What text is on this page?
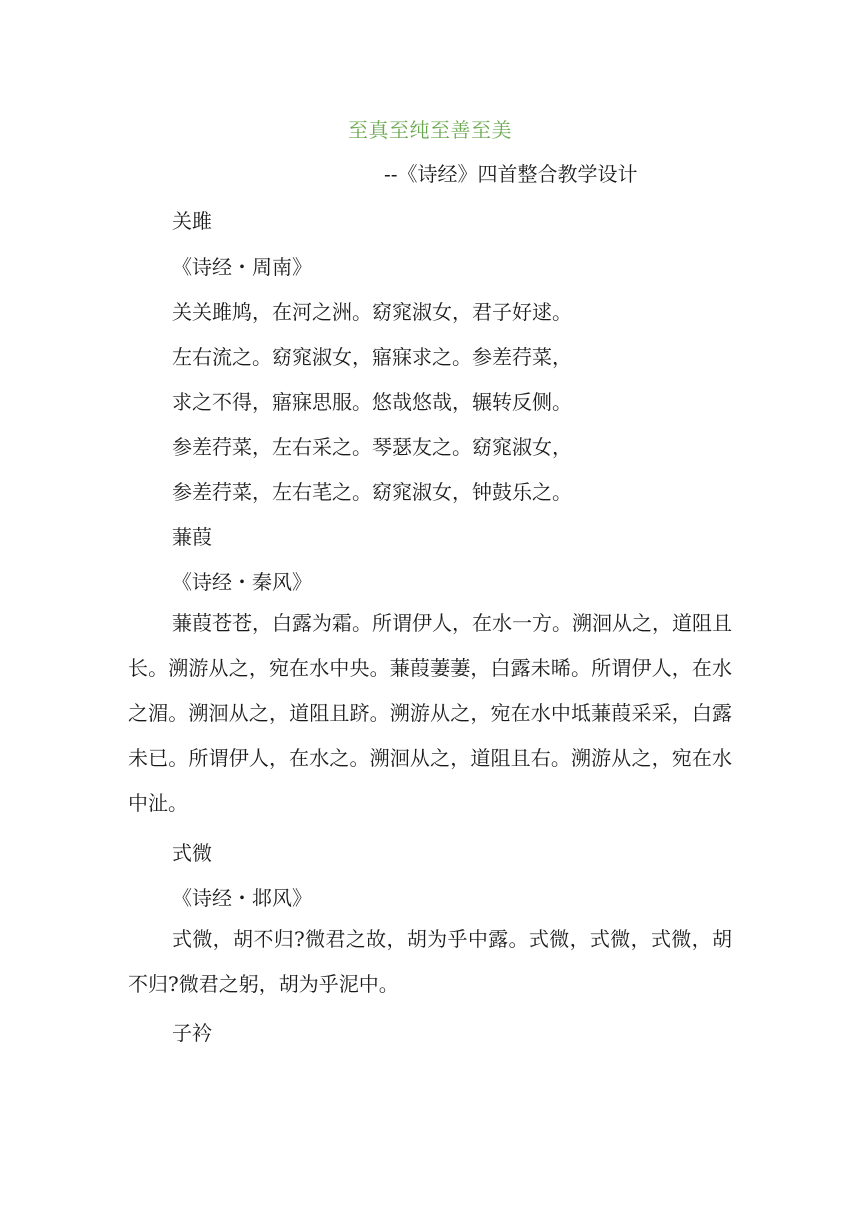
至真至纯至善至美
--《诗经》四首整合教学设计
关雎
《诗经・周南》
关关雎鸠，在河之洲。窈窕淑女，君子好逑。
左右流之。窈窕淑女，寤寐求之。参差荇菜，
求之不得，寤寐思服。悠哉悠哉，辗转反侧。
参差荇菜，左右采之。琴瑟友之。窈窕淑女，
参差荇菜，左右芼之。窈窕淑女，钟鼓乐之。
蒹葭
《诗经・秦风》
蒹葭苍苍，白露为霜。所谓伊人，在水一方。溯洄从之，道阻且长。溯游从之，宛在水中央。蒹葭萋萋，白露未晞。所谓伊人，在水之湄。溯洄从之，道阻且跻。溯游从之，宛在水中坻蒹葭采采，白露未已。所谓伊人，在水之。溯洄从之，道阻且右。溯游从之，宛在水中沚。
式微
《诗经・邶风》
式微，胡不归?微君之故，胡为乎中露。式微，式微，式微，胡不归?微君之躬，胡为乎泥中。
子衿
